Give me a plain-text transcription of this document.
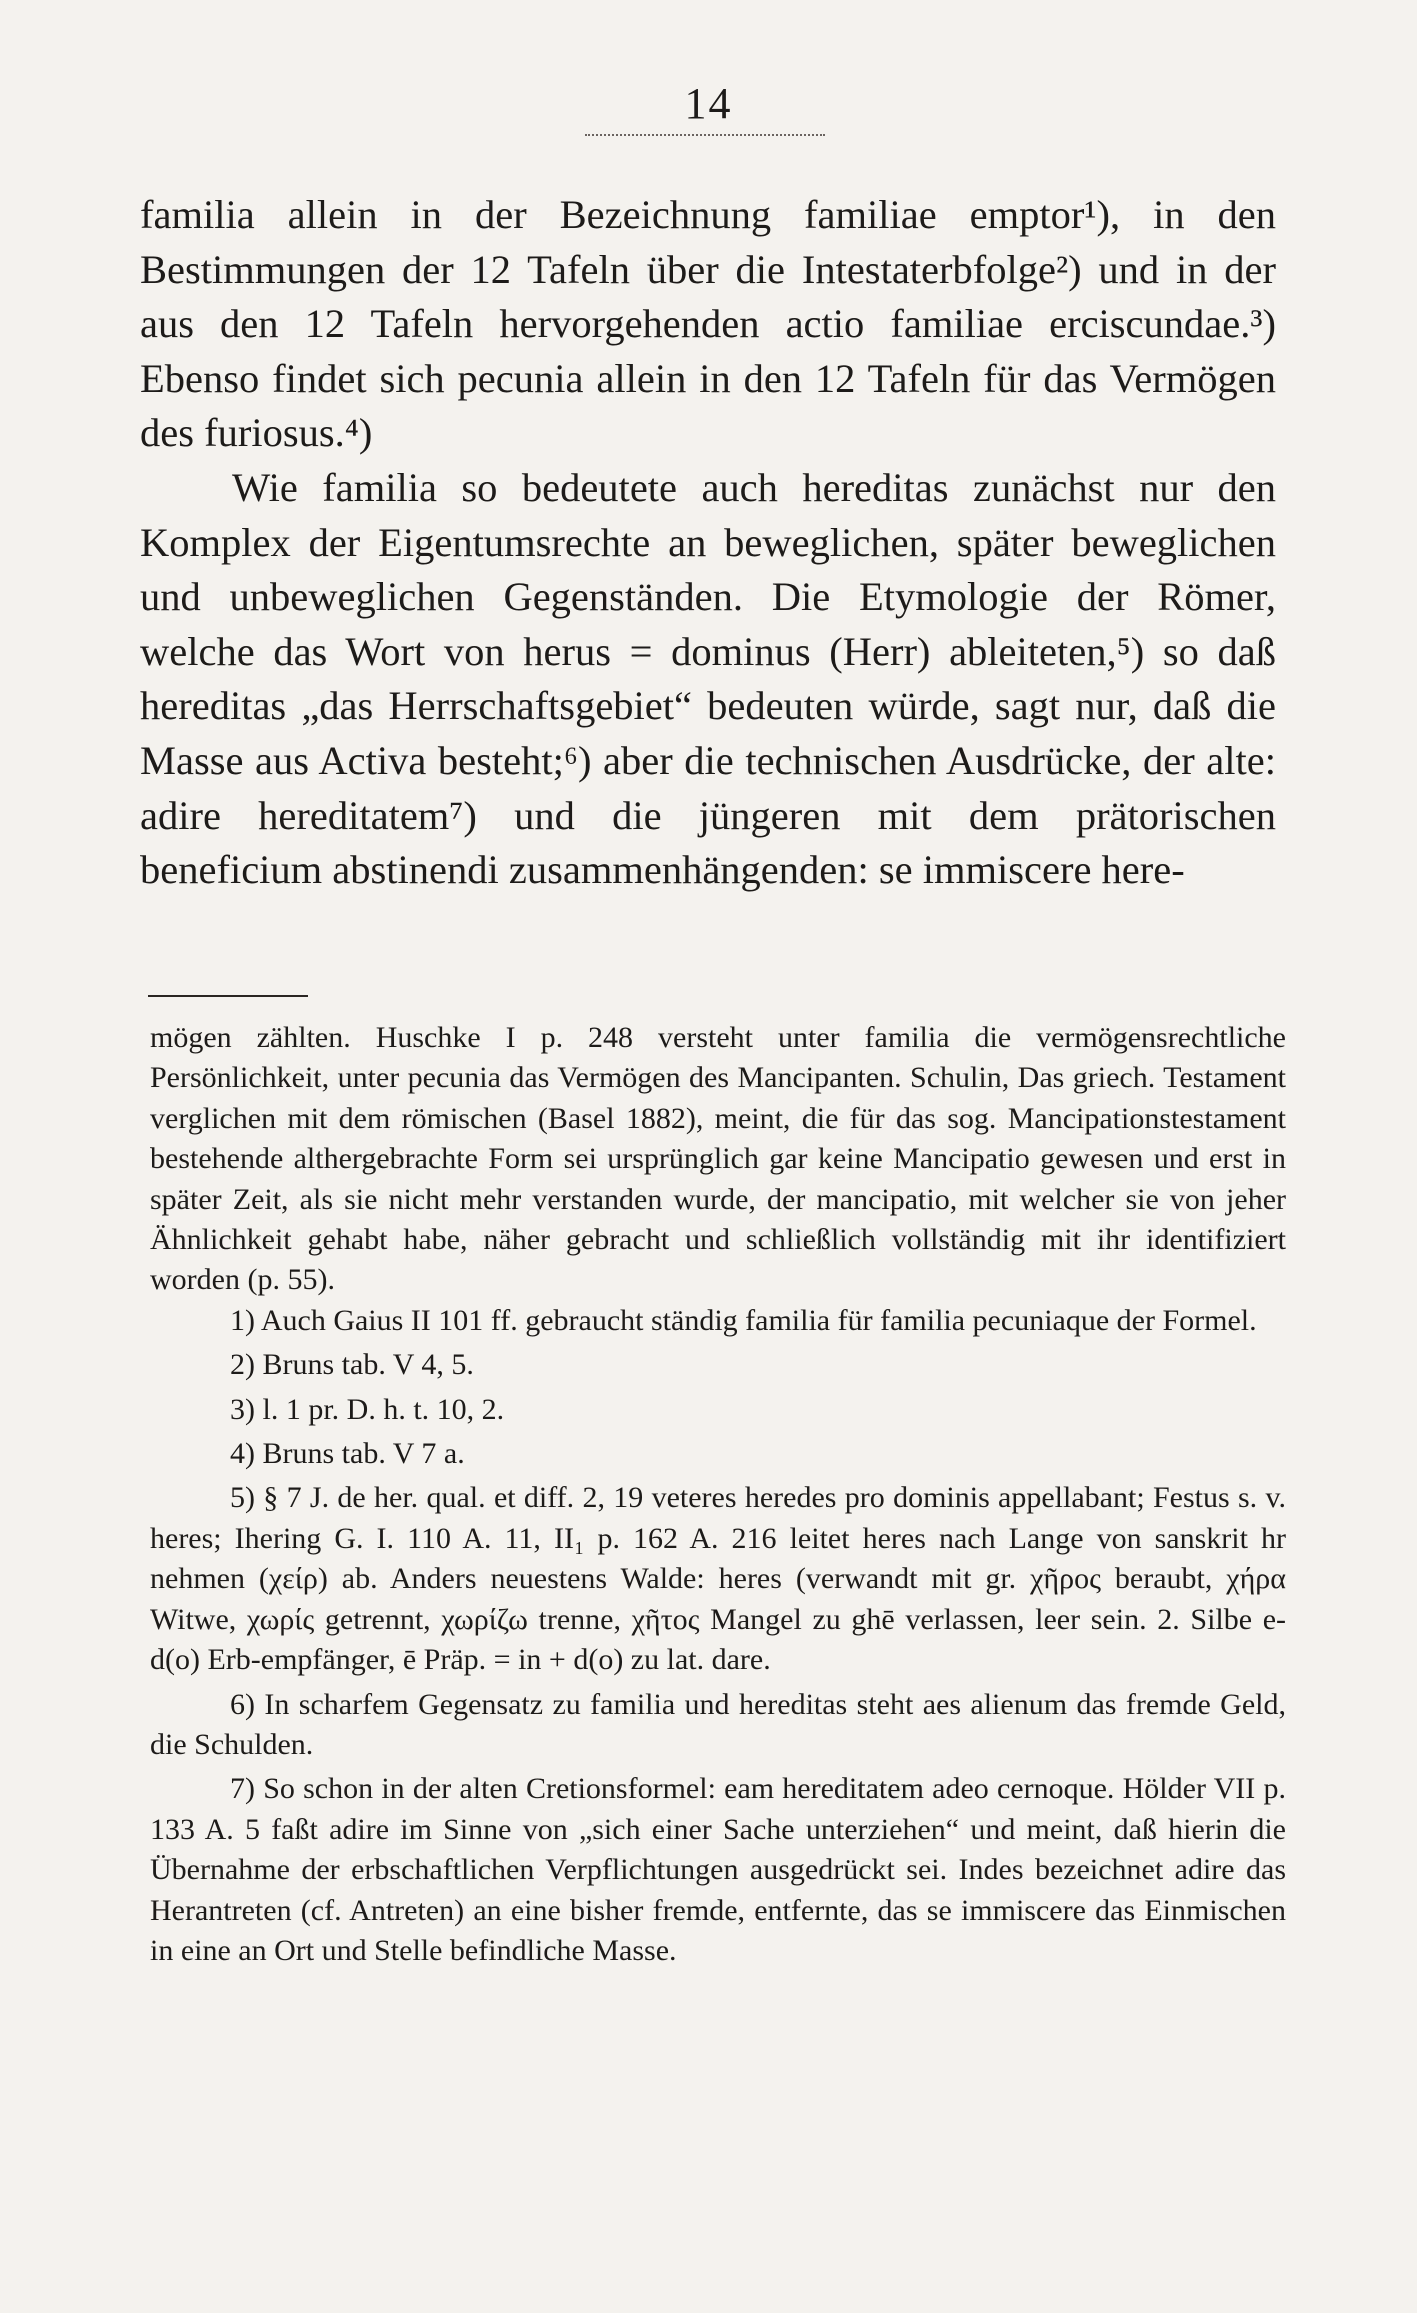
14

familia allein in der Bezeichnung familiae emptor¹), in den Bestimmungen der 12 Tafeln über die Intestaterbfolge²) und in der aus den 12 Tafeln hervorgehenden actio familiae erciscundae.³) Ebenso findet sich pecunia allein in den 12 Tafeln für das Vermögen des furiosus.⁴)

Wie familia so bedeutete auch hereditas zunächst nur den Komplex der Eigentumsrechte an beweglichen, später beweglichen und unbeweglichen Gegenständen. Die Etymologie der Römer, welche das Wort von herus = dominus (Herr) ableiteten,⁵) so daß hereditas „das Herrschaftsgebiet“ bedeuten würde, sagt nur, daß die Masse aus Activa besteht;⁶) aber die technischen Ausdrücke, der alte: adire hereditatem⁷) und die jüngeren mit dem prätorischen beneficium abstinendi zusammenhängenden: se immiscere here-

mögen zählten. Huschke I p. 248 versteht unter familia die vermögensrechtliche Persönlichkeit, unter pecunia das Vermögen des Mancipanten. Schulin, Das griech. Testament verglichen mit dem römischen (Basel 1882), meint, die für das sog. Mancipationstestament bestehende althergebrachte Form sei ursprünglich gar keine Mancipatio gewesen und erst in später Zeit, als sie nicht mehr verstanden wurde, der mancipatio, mit welcher sie von jeher Ähnlichkeit gehabt habe, näher gebracht und schließlich vollständig mit ihr identifiziert worden (p. 55).

1) Auch Gaius II 101 ff. gebraucht ständig familia für familia pecuniaque der Formel.

2) Bruns tab. V 4, 5.

3) l. 1 pr. D. h. t. 10, 2.

4) Bruns tab. V 7 a.

5) § 7 J. de her. qual. et diff. 2, 19 veteres heredes pro dominis appellabant; Festus s. v. heres; Ihering G. I. 110 A. 11, II₁ p. 162 A. 216 leitet heres nach Lange von sanskrit hr nehmen (χείρ) ab. Anders neuestens Walde: heres (verwandt mit gr. χῆρος beraubt, χήρα Witwe, χωρίς getrennt, χωρίζω trenne, χῆτος Mangel zu ghē verlassen, leer sein. 2. Silbe e-d(o) Erb-empfänger, ē Präp. = in + d(o) zu lat. dare.

6) In scharfem Gegensatz zu familia und hereditas steht aes alienum das fremde Geld, die Schulden.

7) So schon in der alten Cretionsformel: eam hereditatem adeo cernoque. Hölder VII p. 133 A. 5 faßt adire im Sinne von „sich einer Sache unterziehen“ und meint, daß hierin die Übernahme der erbschaftlichen Verpflichtungen ausgedrückt sei. Indes bezeichnet adire das Herantreten (cf. Antreten) an eine bisher fremde, entfernte, das se immiscere das Einmischen in eine an Ort und Stelle befindliche Masse.
